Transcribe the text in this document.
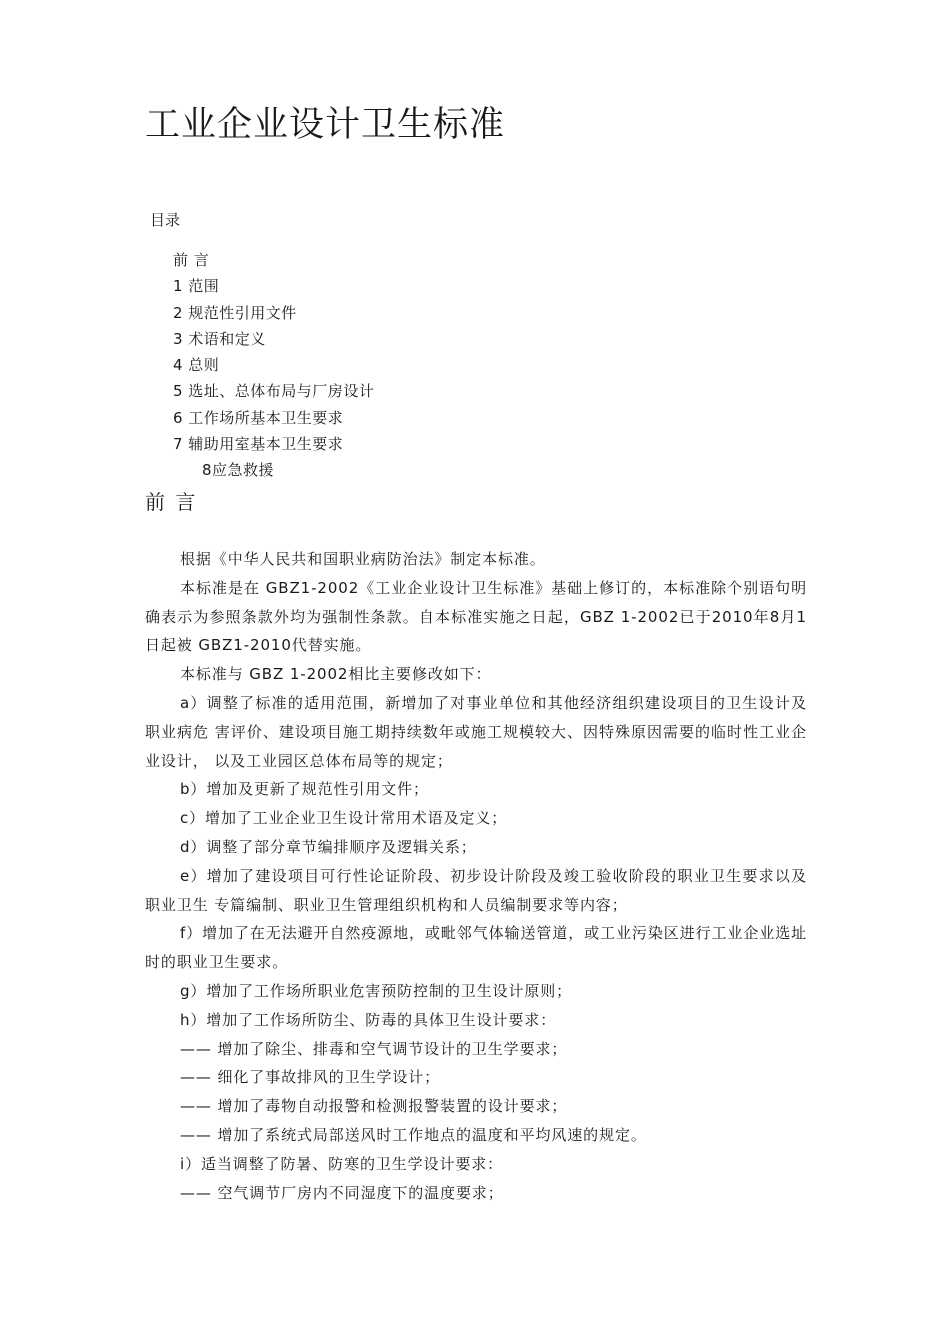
工业企业设计卫生标准
目录
前 言
1 范围
2 规范性引用文件
3 术语和定义
4 总则
5 选址、总体布局与厂房设计
6 工作场所基本卫生要求
7 辅助用室基本卫生要求
8应急救援
前 言

根据《中华人民共和国职业病防治法》制定本标准。

本标准是在 GBZ1-2002《工业企业设计卫生标准》基础上修订的，本标准除个别语句明确表示为参照条款外均为强制性条款。自本标准实施之日起，GBZ 1-2002已于2010年8月1日起被 GBZ1-2010代替实施。

本标准与 GBZ 1-2002相比主要修改如下：

a）调整了标准的适用范围，新增加了对事业单位和其他经济组织建设项目的卫生设计及职业病危 害评价、建设项目施工期持续数年或施工规模较大、因特殊原因需要的临时性工业企业设计， 以及工业园区总体布局等的规定；

b）增加及更新了规范性引用文件；

c）增加了工业企业卫生设计常用术语及定义；

d）调整了部分章节编排顺序及逻辑关系；

e）增加了建设项目可行性论证阶段、初步设计阶段及竣工验收阶段的职业卫生要求以及职业卫生 专篇编制、职业卫生管理组织机构和人员编制要求等内容；

f）增加了在无法避开自然疫源地，或毗邻气体输送管道，或工业污染区进行工业企业选址时的职业卫生要求。

g）增加了工作场所职业危害预防控制的卫生设计原则；

h）增加了工作场所防尘、防毒的具体卫生设计要求：

—— 增加了除尘、排毒和空气调节设计的卫生学要求；

—— 细化了事故排风的卫生学设计；

—— 增加了毒物自动报警和检测报警装置的设计要求；

—— 增加了系统式局部送风时工作地点的温度和平均风速的规定。

i）适当调整了防暑、防寒的卫生学设计要求：

—— 空气调节厂房内不同湿度下的温度要求；
